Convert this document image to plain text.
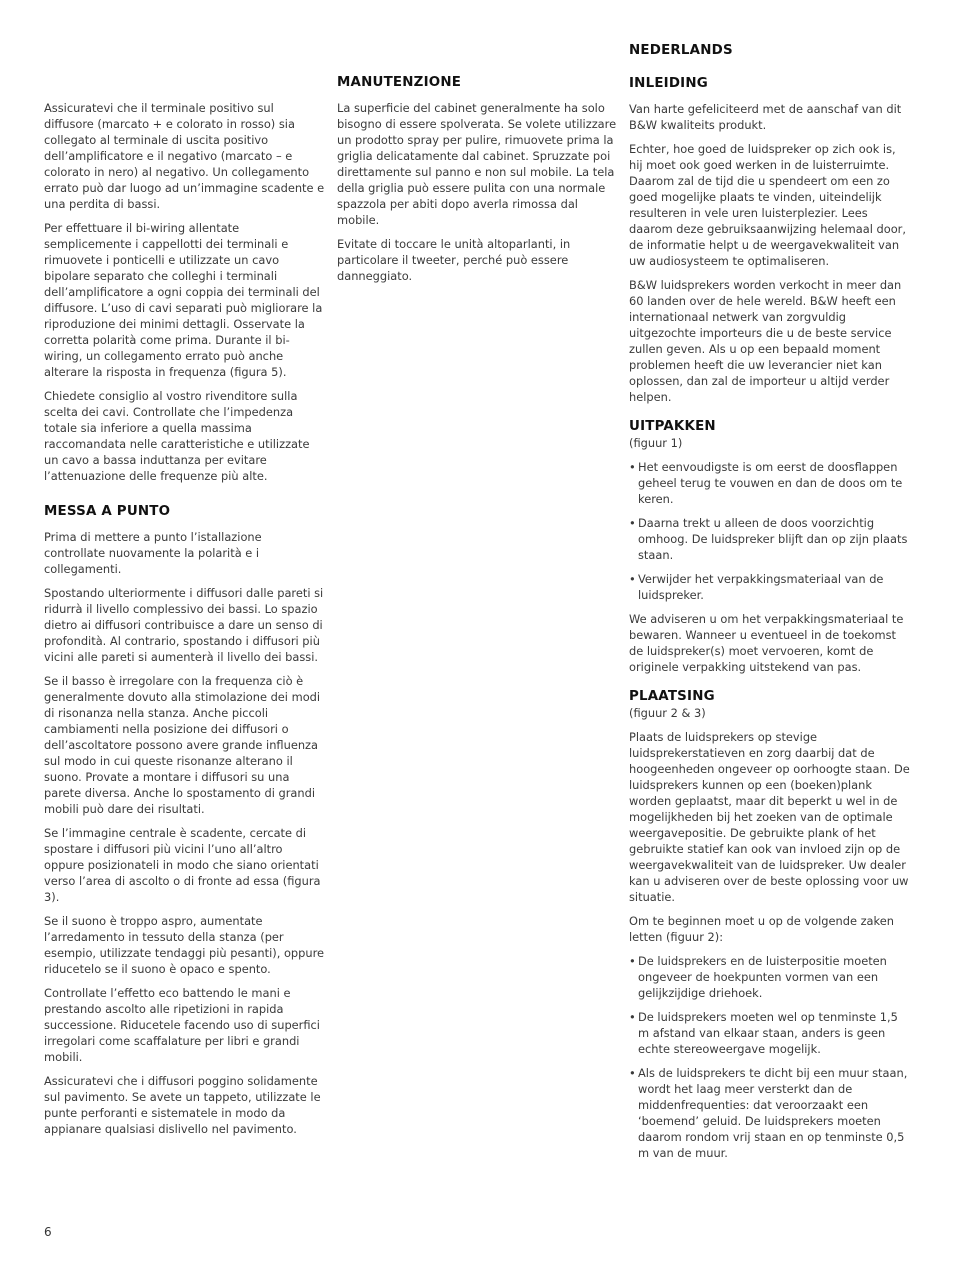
Assicuratevi che il terminale positivo sul diffusore (marcato + e colorato in rosso) sia collegato al terminale di uscita positivo dell’amplificatore e il negativo (marcato – e colorato in nero) al negativo. Un collegamento errato può dar luogo ad un’immagine scadente e una perdita di bassi.

Per effettuare il bi-wiring allentate semplicemente i cappellotti dei terminali e rimuovete i ponticelli e utilizzate un cavo bipolare separato che colleghi i terminali dell’amplificatore a ogni coppia dei terminali del diffusore. L’uso di cavi separati può migliorare la riproduzione dei minimi dettagli. Osservate la corretta polarità come prima. Durante il bi-wiring, un collegamento errato può anche alterare la risposta in frequenza (figura 5).

Chiedete consiglio al vostro rivenditore sulla scelta dei cavi. Controllate che l’impedenza totale sia inferiore a quella massima raccomandata nelle caratteristiche e utilizzate un cavo a bassa induttanza per evitare l’attenuazione delle frequenze più alte.

MESSA A PUNTO

Prima di mettere a punto l’istallazione controllate nuovamente la polarità e i collegamenti.

Spostando ulteriormente i diffusori dalle pareti si ridurrà il livello complessivo dei bassi. Lo spazio dietro ai diffusori contribuisce a dare un senso di profondità. Al contrario, spostando i diffusori più vicini alle pareti si aumenterà il livello dei bassi.

Se il basso è irregolare con la frequenza ciò è generalmente dovuto alla stimolazione dei modi di risonanza nella stanza. Anche piccoli cambiamenti nella posizione dei diffusori o dell’ascoltatore possono avere grande influenza sul modo in cui queste risonanze alterano il suono. Provate a montare i diffusori su una parete diversa. Anche lo spostamento di grandi mobili può dare dei risultati.

Se l’immagine centrale è scadente, cercate di spostare i diffusori più vicini l’uno all’altro oppure posizionateli in modo che siano orientati verso l’area di ascolto o di fronte ad essa (figura 3).

Se il suono è troppo aspro, aumentate l’arredamento in tessuto della stanza (per esempio, utilizzate tendaggi più pesanti), oppure riducetelo se il suono è opaco e spento.

Controllate l’effetto eco battendo le mani e prestando ascolto alle ripetizioni in rapida successione. Riducetele facendo uso di superfici irregolari come scaffalature per libri e grandi mobili.

Assicuratevi che i diffusori poggino solidamente sul pavimento. Se avete un tappeto, utilizzate le punte perforanti e sistematele in modo da appianare qualsiasi dislivello nel pavimento.

MANUTENZIONE

La superficie del cabinet generalmente ha solo bisogno di essere spolverata. Se volete utilizzare un prodotto spray per pulire, rimuovete prima la griglia delicatamente dal cabinet. Spruzzate poi direttamente sul panno e non sul mobile. La tela della griglia può essere pulita con una normale spazzola per abiti dopo averla rimossa dal mobile.

Evitate di toccare le unità altoparlanti, in particolare il tweeter, perché può essere danneggiato.

NEDERLANDS
INLEIDING

Van harte gefeliciteerd met de aanschaf van dit B&W kwaliteits produkt.

Echter, hoe goed de luidspreker op zich ook is, hij moet ook goed werken in de luisterruimte. Daarom zal de tijd die u spendeert om een zo goed mogelijke plaats te vinden, uiteindelijk resulteren in vele uren luisterplezier. Lees daarom deze gebruiksaanwijzing helemaal door, de informatie helpt u de weergavekwaliteit van uw audiosysteem te optimaliseren.

B&W luidsprekers worden verkocht in meer dan 60 landen over de hele wereld. B&W heeft een internationaal netwerk van zorgvuldig uitgezochte importeurs die u de beste service zullen geven. Als u op een bepaald moment problemen heeft die uw leverancier niet kan oplossen, dan zal de importeur u altijd verder helpen.

UITPAKKEN
(figuur 1)

• Het eenvoudigste is om eerst de doosflappen geheel terug te vouwen en dan de doos om te keren.

• Daarna trekt u alleen de doos voorzichtig omhoog. De luidspreker blijft dan op zijn plaats staan.

• Verwijder het verpakkingsmateriaal van de luidspreker.

We adviseren u om het verpakkingsmateriaal te bewaren. Wanneer u eventueel in de toekomst de luidspreker(s) moet vervoeren, komt de originele verpakking uitstekend van pas.

PLAATSING
(figuur 2 & 3)

Plaats de luidsprekers op stevige luidsprekerstatieven en zorg daarbij dat de hoogeenheden ongeveer op oorhoogte staan. De luidsprekers kunnen op een (boeken)plank worden geplaatst, maar dit beperkt u wel in de mogelijkheden bij het zoeken van de optimale weergavepositie. De gebruikte plank of het gebruikte statief kan ook van invloed zijn op de weergavekwaliteit van de luidspreker. Uw dealer kan u adviseren over de beste oplossing voor uw situatie.

Om te beginnen moet u op de volgende zaken letten (figuur 2):

• De luidsprekers en de luisterpositie moeten ongeveer de hoekpunten vormen van een gelijkzijdige driehoek.

• De luidsprekers moeten wel op tenminste 1,5 m afstand van elkaar staan, anders is geen echte stereoweergave mogelijk.

• Als de luidsprekers te dicht bij een muur staan, wordt het laag meer versterkt dan de middenfrequenties: dat veroorzaakt een ‘boemend’ geluid. De luidsprekers moeten daarom rondom vrij staan en op tenminste 0,5 m van de muur.

6
